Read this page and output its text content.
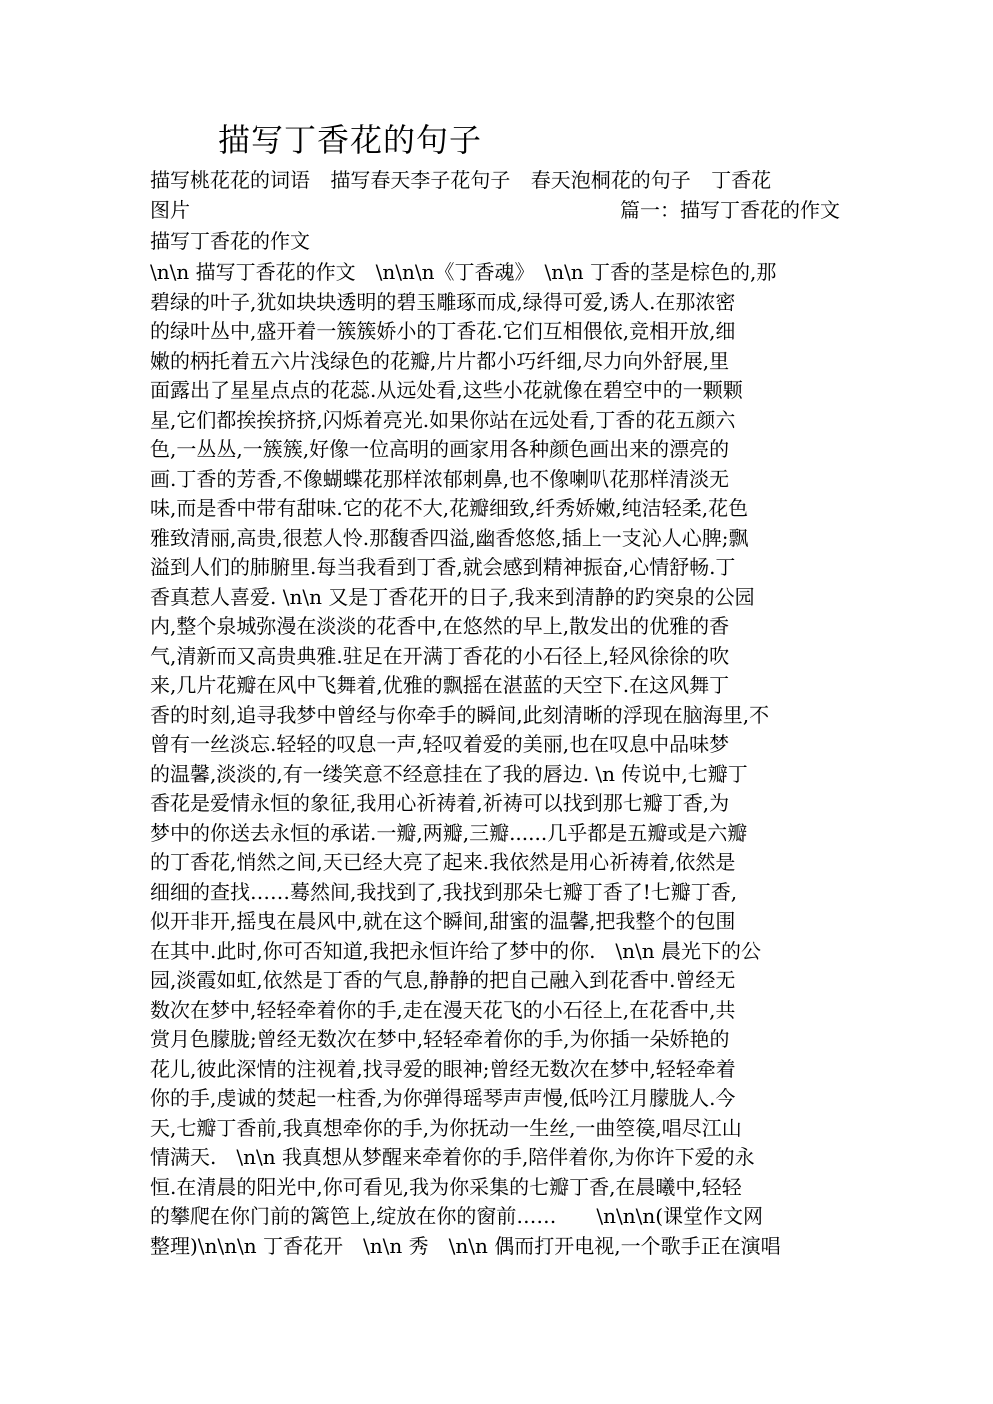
描写丁香花的句子
描写桃花花的词语 描写春天李子花句子 春天泡桐花的句子 丁香花
图片	篇一：描写丁香花的作文
描写丁香花的作文
\n\n 描写丁香花的作文　\n\n\n《丁香魂》　\n\n 丁香的茎是棕色的,那
碧绿的叶子,犹如块块透明的碧玉雕琢而成,绿得可爱,诱人.在那浓密
的绿叶丛中,盛开着一簇簇娇小的丁香花.它们互相偎依,竞相开放,细
嫩的柄托着五六片浅绿色的花瓣,片片都小巧纤细,尽力向外舒展,里
面露出了星星点点的花蕊.从远处看,这些小花就像在碧空中的一颗颗
星,它们都挨挨挤挤,闪烁着亮光.如果你站在远处看,丁香的花五颜六
色,一丛丛,一簇簇,好像一位高明的画家用各种颜色画出来的漂亮的
画.丁香的芳香,不像蝴蝶花那样浓郁刺鼻,也不像喇叭花那样清淡无
味,而是香中带有甜味.它的花不大,花瓣细致,纤秀娇嫩,纯洁轻柔,花色
雅致清丽,高贵,很惹人怜.那馥香四溢,幽香悠悠,插上一支沁人心脾;飘
溢到人们的肺腑里.每当我看到丁香,就会感到精神振奋,心情舒畅.丁
香真惹人喜爱. \n\n 又是丁香花开的日子,我来到清静的趵突泉的公园
内,整个泉城弥漫在淡淡的花香中,在悠然的早上,散发出的优雅的香
气,清新而又高贵典雅.驻足在开满丁香花的小石径上,轻风徐徐的吹
来,几片花瓣在风中飞舞着,优雅的飘摇在湛蓝的天空下.在这风舞丁
香的时刻,追寻我梦中曾经与你牵手的瞬间,此刻清晰的浮现在脑海里,不
曾有一丝淡忘.轻轻的叹息一声,轻叹着爱的美丽,也在叹息中品味梦
的温馨,淡淡的,有一缕笑意不经意挂在了我的唇边. \n 传说中,七瓣丁
香花是爱情永恒的象征,我用心祈祷着,祈祷可以找到那七瓣丁香,为
梦中的你送去永恒的承诺.一瓣,两瓣,三瓣......几乎都是五瓣或是六瓣
的丁香花,悄然之间,天已经大亮了起来.我依然是用心祈祷着,依然是
细细的查找……蓦然间,我找到了,我找到那朵七瓣丁香了!七瓣丁香,
似开非开,摇曳在晨风中,就在这个瞬间,甜蜜的温馨,把我整个的包围
在其中.此时,你可否知道,我把永恒许给了梦中的你.　\n\n 晨光下的公
园,淡霞如虹,依然是丁香的气息,静静的把自己融入到花香中.曾经无
数次在梦中,轻轻牵着你的手,走在漫天花飞的小石径上,在花香中,共
赏月色朦胧;曾经无数次在梦中,轻轻牵着你的手,为你插一朵娇艳的
花儿,彼此深情的注视着,找寻爱的眼神;曾经无数次在梦中,轻轻牵着
你的手,虔诚的焚起一柱香,为你弹得瑶琴声声慢,低吟江月朦胧人.今
天,七瓣丁香前,我真想牵你的手,为你抚动一生丝,一曲箜篌,唱尽江山
情满天.　\n\n 我真想从梦醒来牵着你的手,陪伴着你,为你许下爱的永
恒.在清晨的阳光中,你可看见,我为你采集的七瓣丁香,在晨曦中,轻轻
的攀爬在你门前的篱笆上,绽放在你的窗前……　　\n\n\n(课堂作文网
整理)\n\n\n 丁香花开　\n\n 秀　\n\n 偶而打开电视,一个歌手正在演唱
